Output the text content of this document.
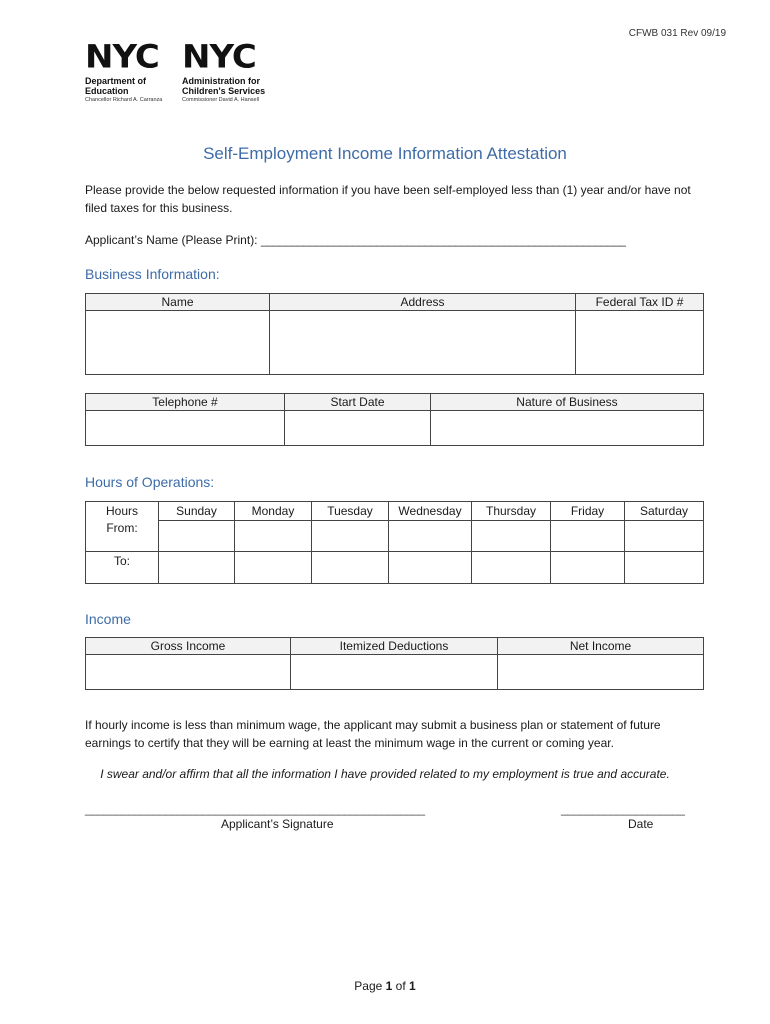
CFWB 031 Rev 09/19
NYC
Department of
Education
Chancellor Richard A. Carranza
NYC
Administration for
Children's Services
Commissioner David A. Hansell
Self-Employment Income Information Attestation
Please provide the below requested information if you have been self-employed less than (1) year and/or have not filed taxes for this business.
Applicant’s Name (Please Print): ____________________________________________________________
Business Information:
Name	Address	Federal Tax ID #

Telephone #	Start Date	Nature of Business

Hours of Operations:
Hours	Sunday	Monday	Tuesday	Wednesday	Thursday	Friday	Saturday
From:							
To:							
Income
Gross Income	Itemized Deductions	Net Income

If hourly income is less than minimum wage, the applicant may submit a business plan or statement of future earnings to certify that they will be earning at least the minimum wage in the current or coming year.
I swear and/or affirm that all the information I have provided related to my employment is true and accurate.
_______________________________________________________
Applicant’s Signature
____________________
Date
Page 1 of 1
